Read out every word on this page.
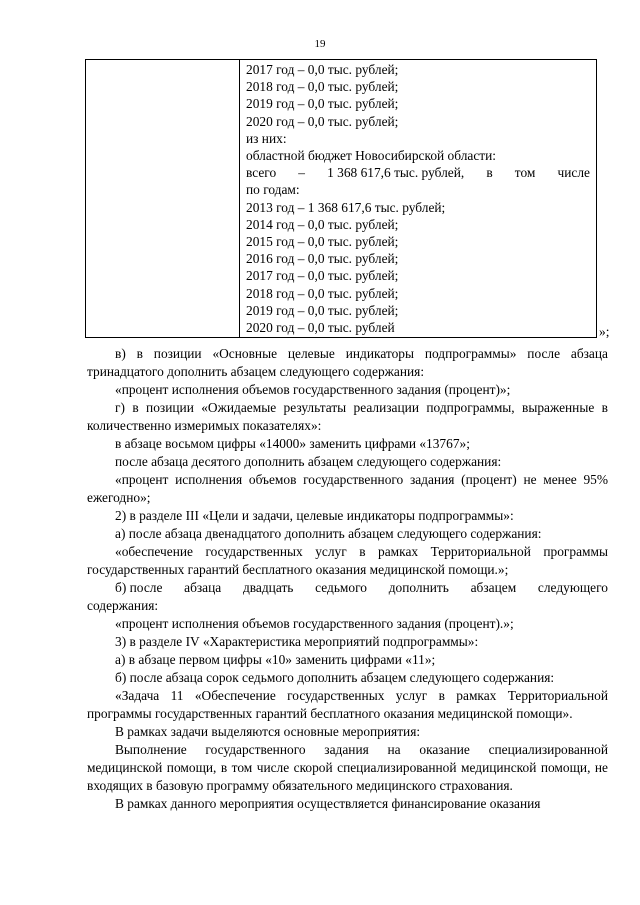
19
2017 год – 0,0 тыс. рублей;
2018 год – 0,0 тыс. рублей;
2019 год – 0,0 тыс. рублей;
2020 год – 0,0 тыс. рублей;
из них:
областной бюджет Новосибирской области:
всего – 1 368 617,6 тыс. рублей, в том числе
по годам:
2013 год – 1 368 617,6 тыс. рублей;
2014 год – 0,0 тыс. рублей;
2015 год – 0,0 тыс. рублей;
2016 год – 0,0 тыс. рублей;
2017 год – 0,0 тыс. рублей;
2018 год – 0,0 тыс. рублей;
2019 год – 0,0 тыс. рублей;
2020 год – 0,0 тыс. рублей	»;

в) в позиции «Основные целевые индикаторы подпрограммы» после абзаца тринадцатого дополнить абзацем следующего содержания:

«процент исполнения объемов государственного задания (процент)»;

г) в позиции «Ожидаемые результаты реализации подпрограммы, выраженные в количественно измеримых показателях»:

в абзаце восьмом цифры «14000» заменить цифрами «13767»;

после абзаца десятого дополнить абзацем следующего содержания:

«процент исполнения объемов государственного задания (процент) не менее 95% ежегодно»;

2) в разделе III «Цели и задачи, целевые индикаторы подпрограммы»:

а) после абзаца двенадцатого дополнить абзацем следующего содержания:

«обеспечение государственных услуг в рамках Территориальной программы государственных гарантий бесплатного оказания медицинской помощи.»;

б) после абзаца двадцать седьмого дополнить абзацем следующего

содержания:

«процент исполнения объемов государственного задания (процент).»;

3) в разделе IV «Характеристика мероприятий подпрограммы»:

а) в абзаце первом цифры «10» заменить цифрами «11»;

б) после абзаца сорок седьмого дополнить абзацем следующего содержания:

«Задача 11 «Обеспечение государственных услуг в рамках Территориальной программы государственных гарантий бесплатного оказания медицинской помощи».

В рамках задачи выделяются основные мероприятия:

Выполнение государственного задания на оказание специализированной медицинской помощи, в том числе скорой специализированной медицинской помощи, не входящих в базовую программу обязательного медицинского страхования.

В рамках данного мероприятия осуществляется финансирование оказания
